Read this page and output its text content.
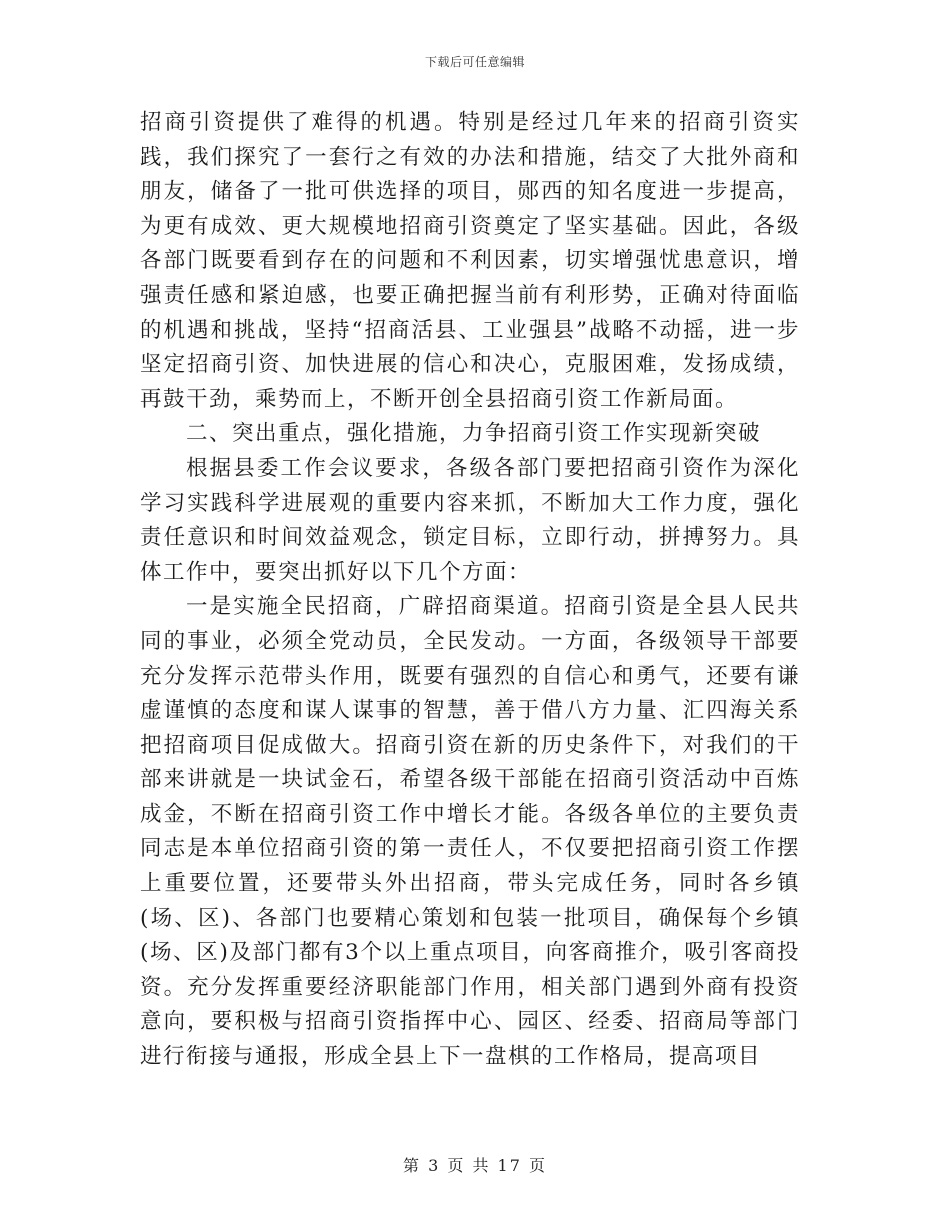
下载后可任意编辑

招商引资提供了难得的机遇。特别是经过几年来的招商引资实践，我们探究了一套行之有效的办法和措施，结交了大批外商和朋友，储备了一批可供选择的项目，郧西的知名度进一步提高，为更有成效、更大规模地招商引资奠定了坚实基础。因此，各级各部门既要看到存在的问题和不利因素，切实增强忧患意识，增强责任感和紧迫感，也要正确把握当前有利形势，正确对待面临的机遇和挑战，坚持“招商活县、工业强县”战略不动摇，进一步坚定招商引资、加快进展的信心和决心，克服困难，发扬成绩，再鼓干劲，乘势而上，不断开创全县招商引资工作新局面。

二、突出重点，强化措施，力争招商引资工作实现新突破

根据县委工作会议要求，各级各部门要把招商引资作为深化学习实践科学进展观的重要内容来抓，不断加大工作力度，强化责任意识和时间效益观念，锁定目标，立即行动，拼搏努力。具体工作中，要突出抓好以下几个方面：

一是实施全民招商，广辟招商渠道。招商引资是全县人民共同的事业，必须全党动员，全民发动。一方面，各级领导干部要充分发挥示范带头作用，既要有强烈的自信心和勇气，还要有谦虚谨慎的态度和谋人谋事的智慧，善于借八方力量、汇四海关系把招商项目促成做大。招商引资在新的历史条件下，对我们的干部来讲就是一块试金石，希望各级干部能在招商引资活动中百炼成金，不断在招商引资工作中增长才能。各级各单位的主要负责同志是本单位招商引资的第一责任人，不仅要把招商引资工作摆上重要位置，还要带头外出招商，带头完成任务，同时各乡镇(场、区)、各部门也要精心策划和包装一批项目，确保每个乡镇(场、区)及部门都有3个以上重点项目，向客商推介，吸引客商投资。充分发挥重要经济职能部门作用，相关部门遇到外商有投资意向，要积极与招商引资指挥中心、园区、经委、招商局等部门进行衔接与通报，形成全县上下一盘棋的工作格局，提高项目

第 3 页 共 17 页
